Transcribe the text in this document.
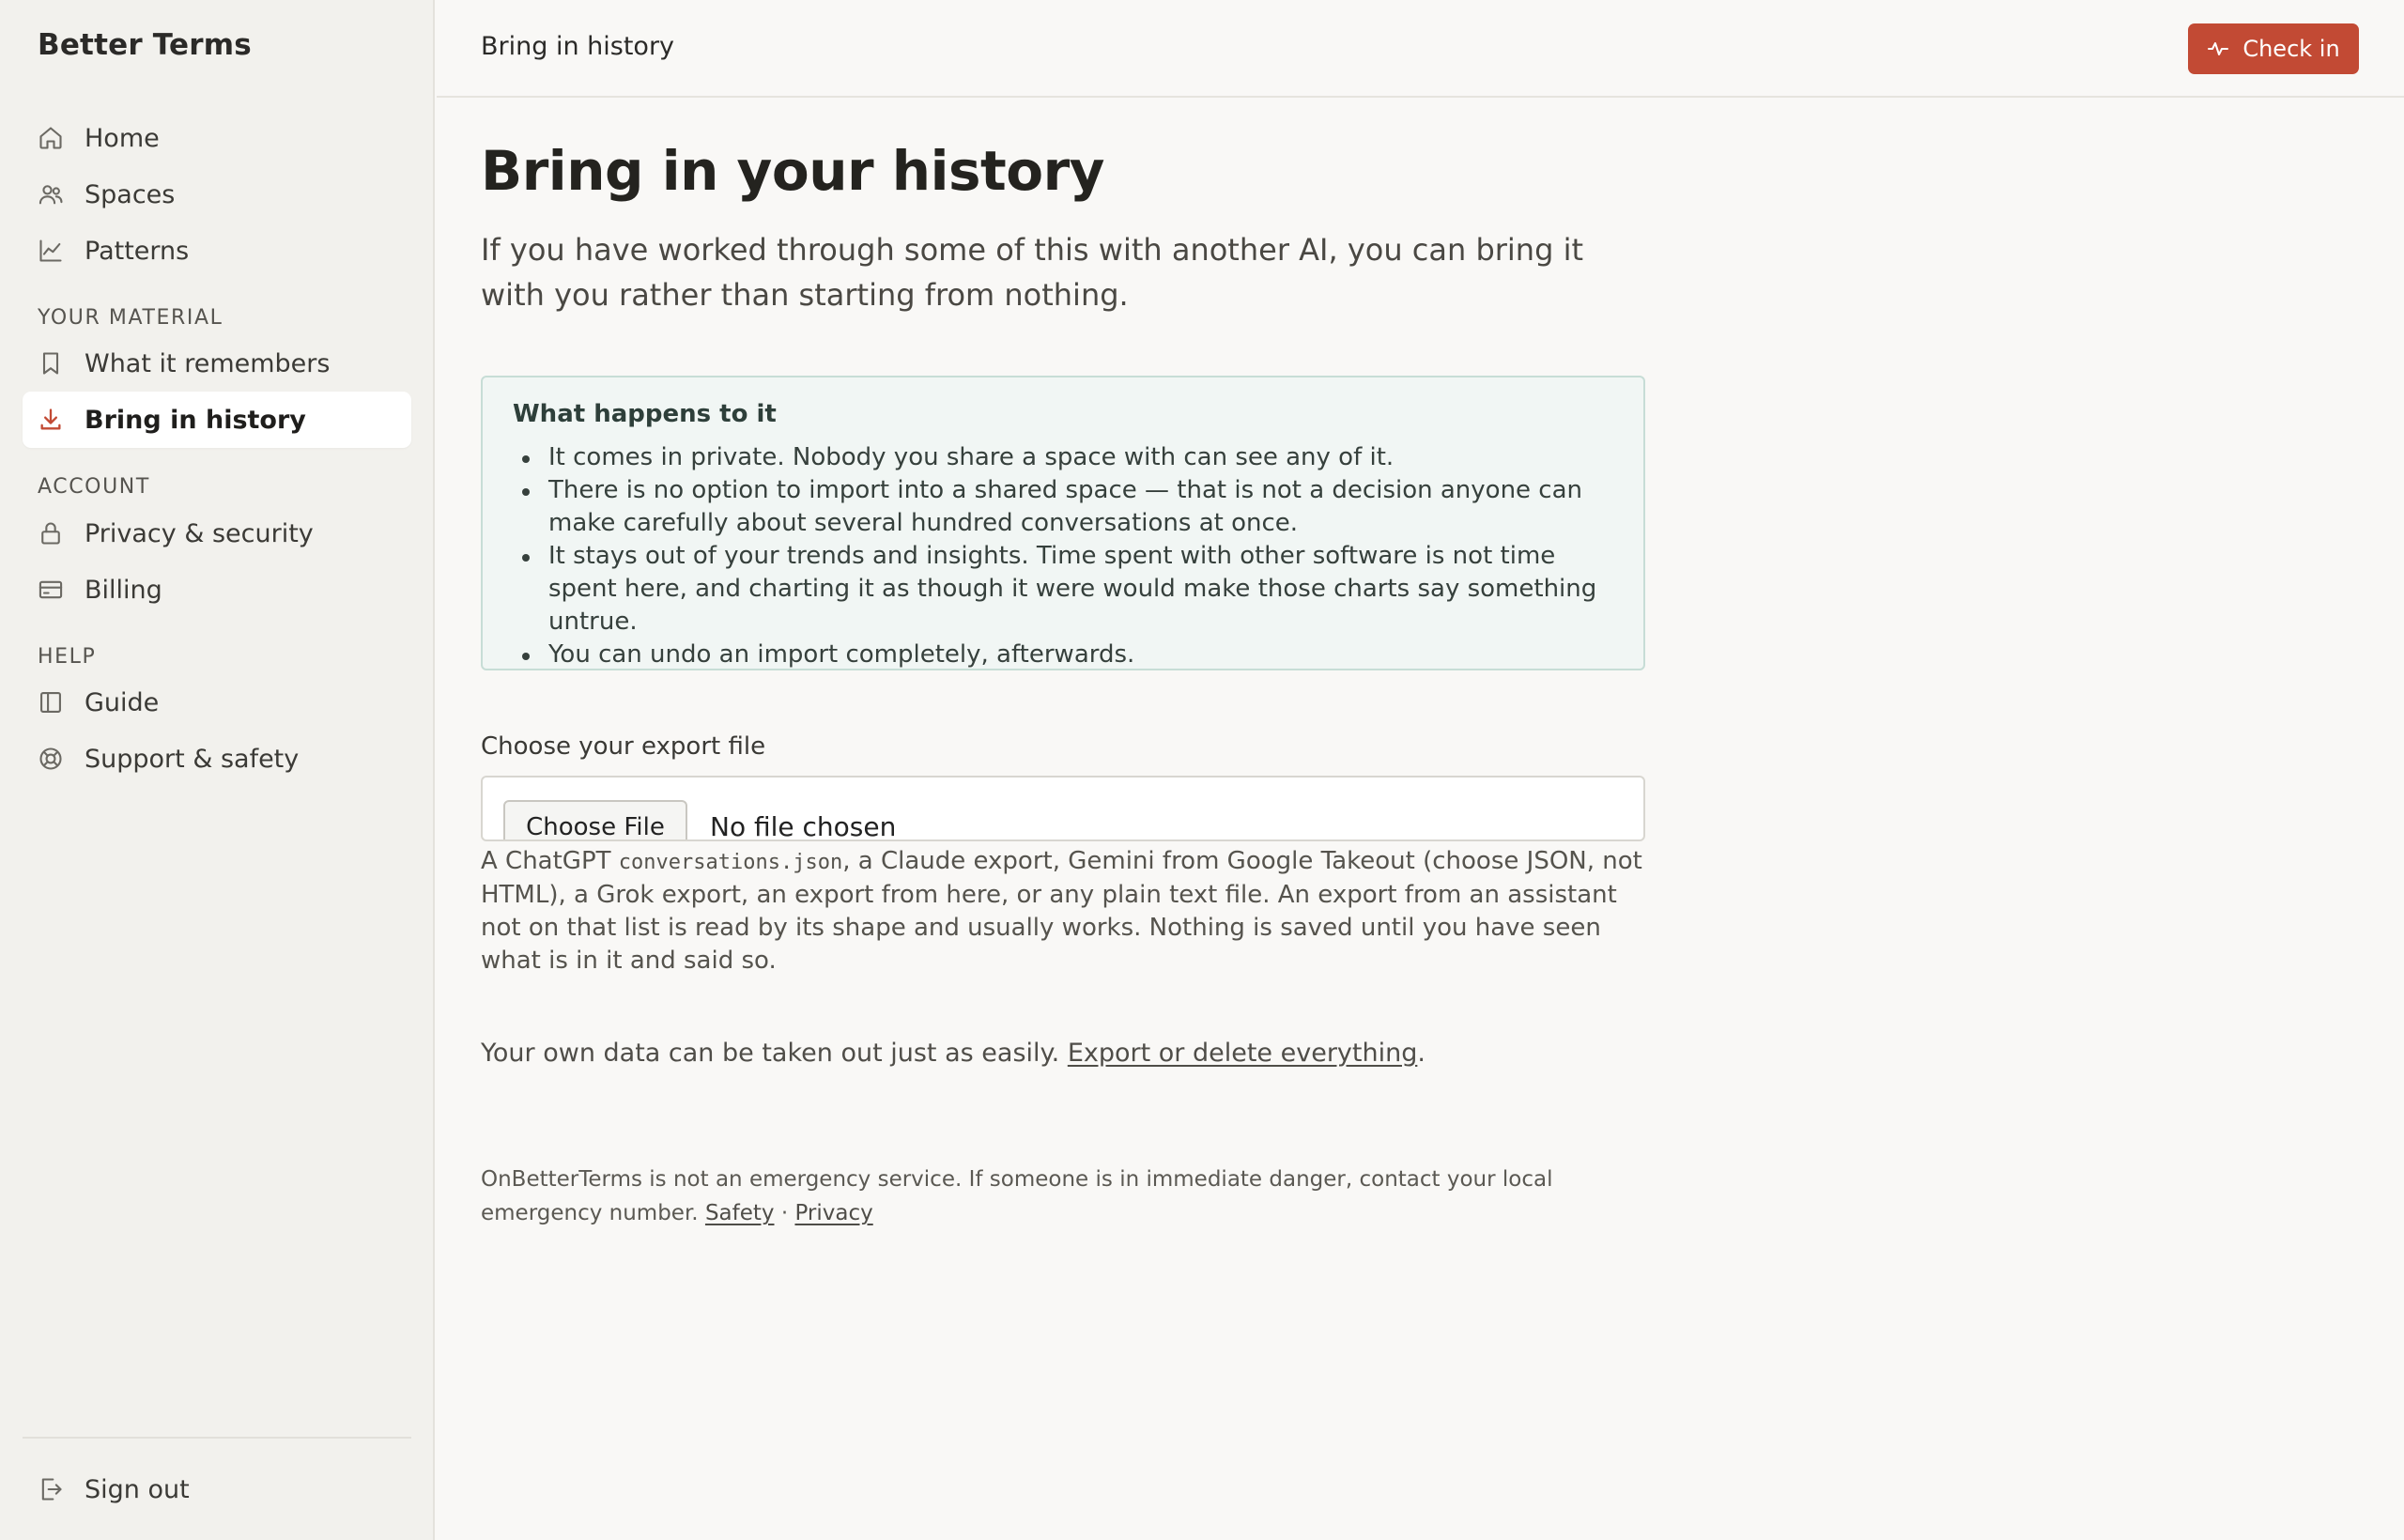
Better Terms
Home
Spaces
Patterns
YOUR MATERIAL
What it remembers
Bring in history
ACCOUNT
Privacy & security
Billing
HELP
Guide
Support & safety
Sign out
Bring in history	Check in
Bring in your history

If you have worked through some of this with another AI, you can bring it with you rather than starting from nothing.

What happens to it
It comes in private. Nobody you share a space with can see any of it.
There is no option to import into a shared space — that is not a decision anyone can make carefully about several hundred conversations at once.
It stays out of your trends and insights. Time spent with other software is not time spent here, and charting it as though it were would make those charts say something untrue.
You can undo an import completely, afterwards.
Choose your export file
Choose File	No file chosen

A ChatGPT conversations.json, a Claude export, Gemini from Google Takeout (choose JSON, not HTML), a Grok export, an export from here, or any plain text file. An export from an assistant not on that list is read by its shape and usually works. Nothing is saved until you have seen what is in it and said so.

Your own data can be taken out just as easily. Export or delete everything.

OnBetterTerms is not an emergency service. If someone is in immediate danger, contact your local emergency number. Safety · Privacy
